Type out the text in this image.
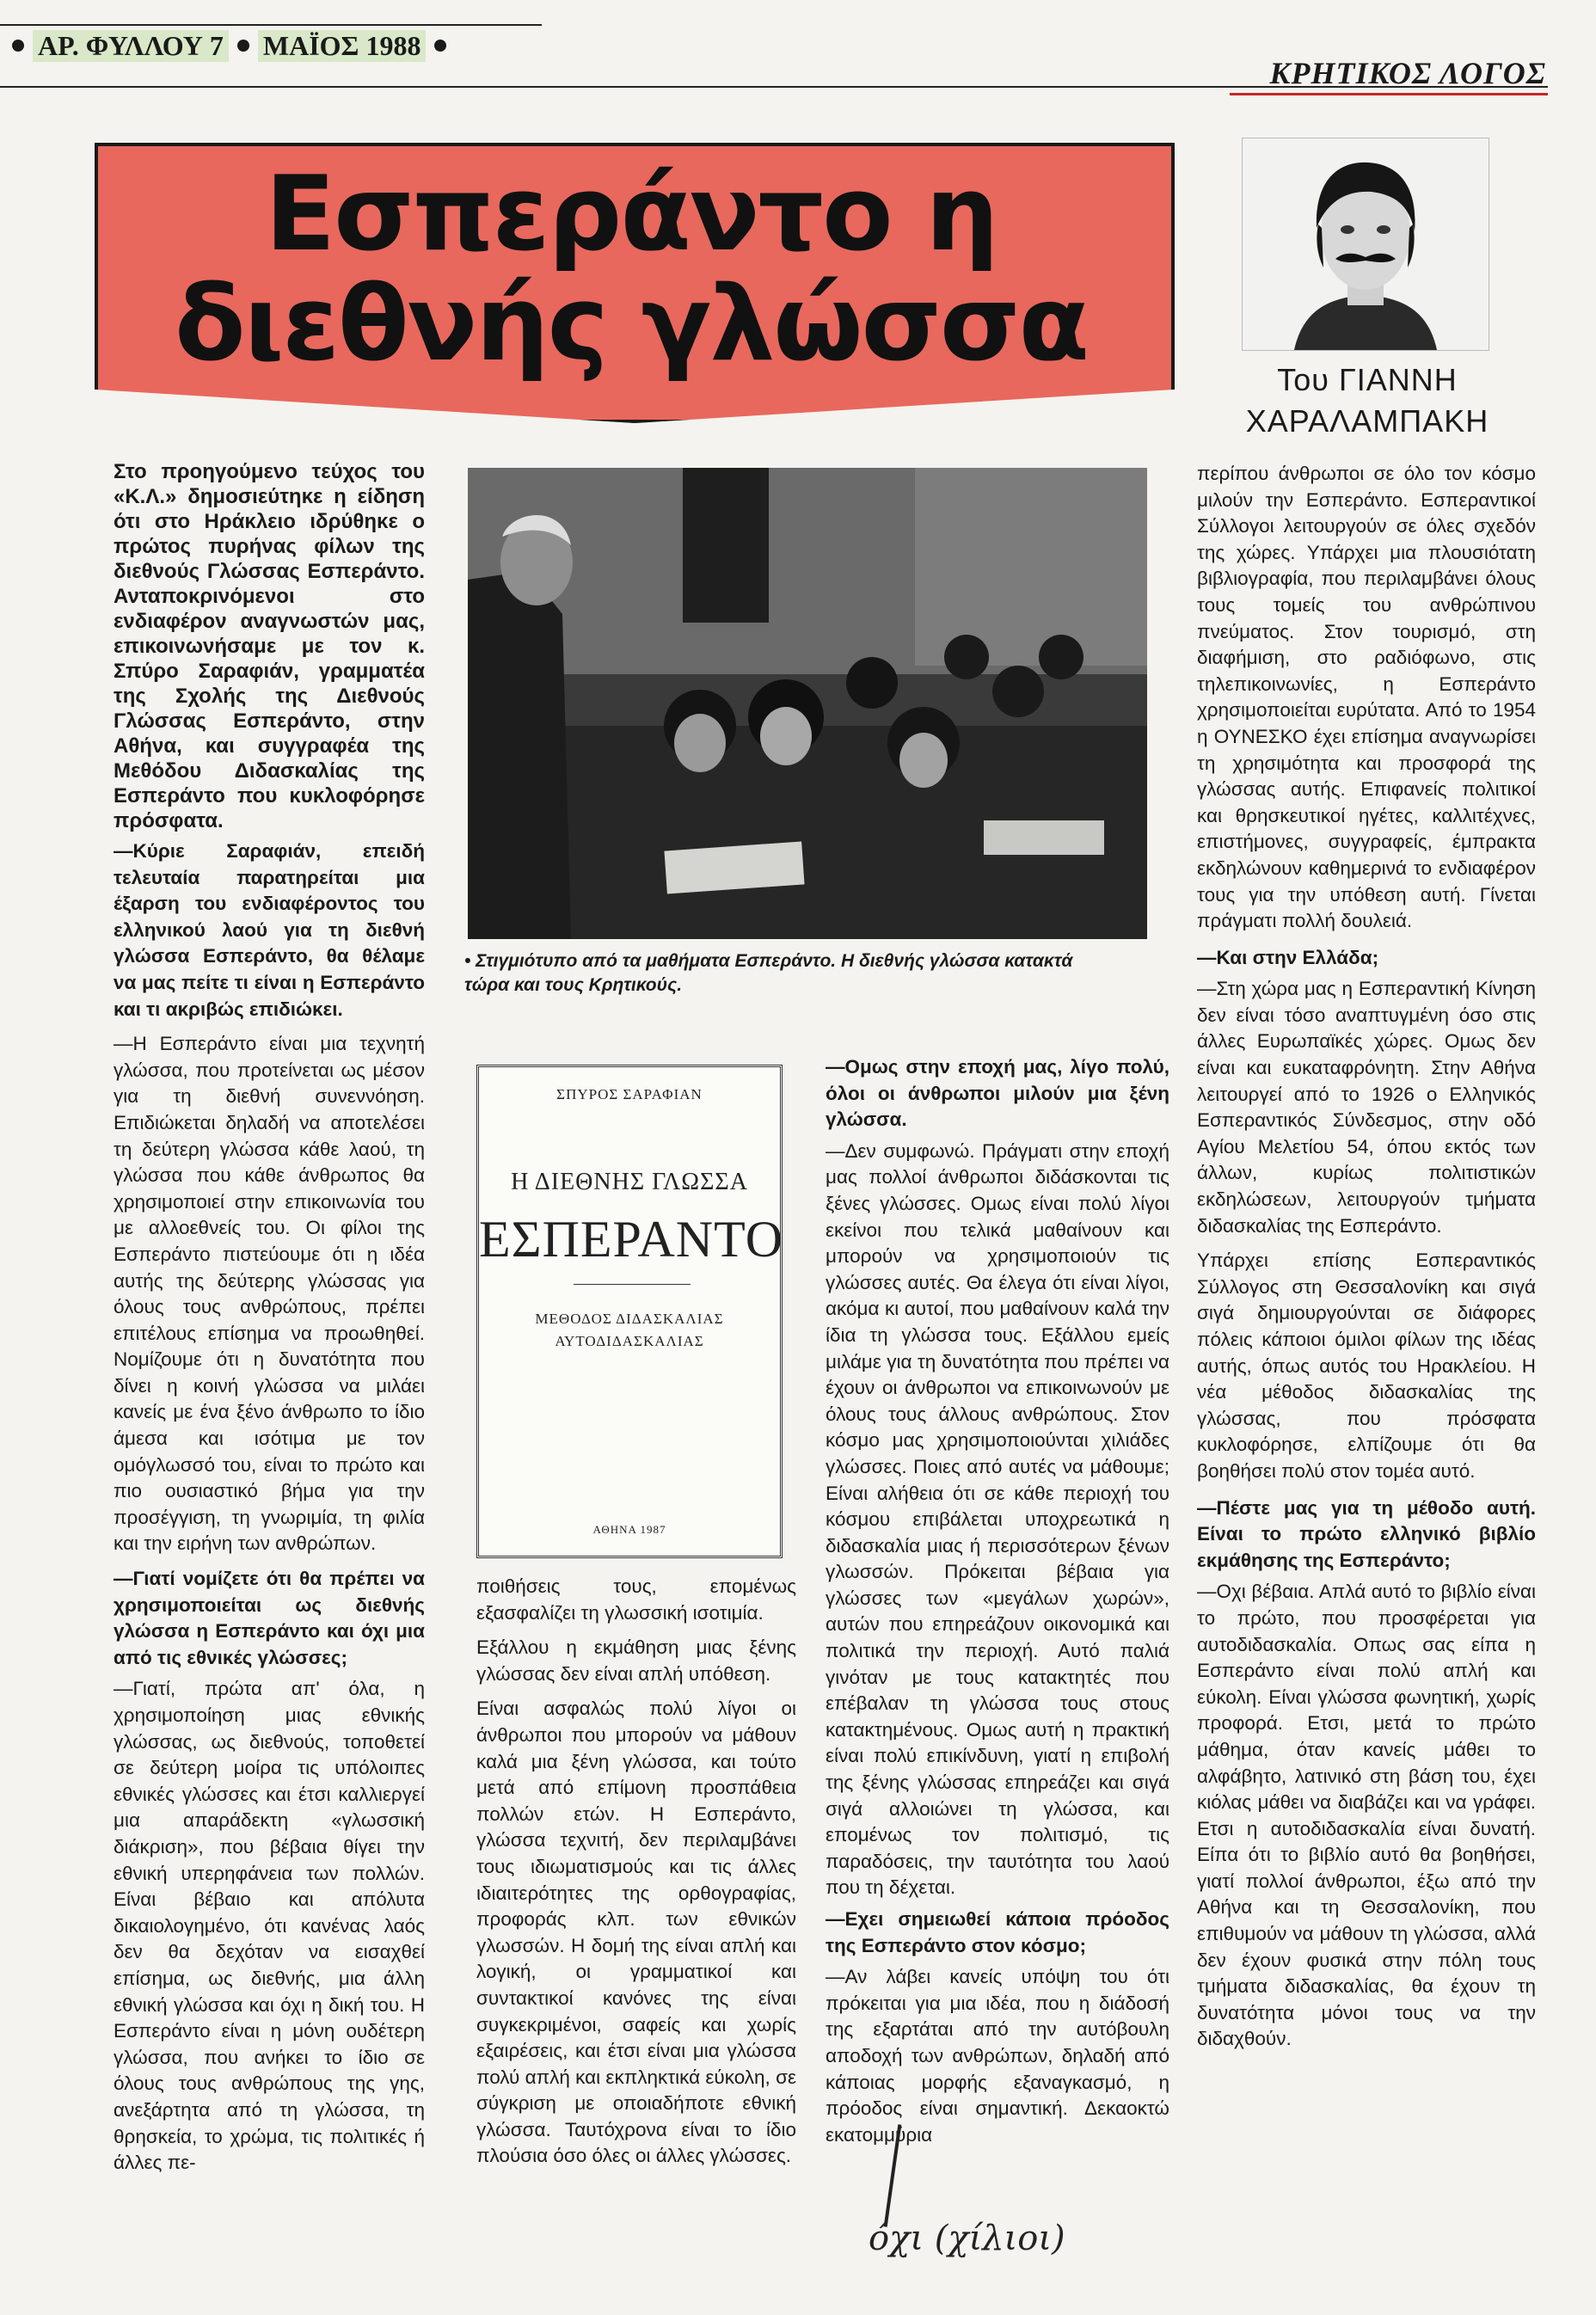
ΑΡ. ΦΥΛΛΟΥ 7 ΜΑΪΟΣ 1988
ΚΡΗΤΙΚΟΣ ΛΟΓΟΣ
Εσπεράντο η
διεθνής γλώσσα	Του ΓΙΑΝΝΗ
ΧΑΡΑΛΑΜΠΑΚΗ

Στο προηγούμενο τεύχος του «Κ.Λ.» δημοσιεύτηκε η είδηση ότι στο Ηράκλειο ιδρύθηκε ο πρώτος πυρήνας φίλων της διεθνούς Γλώσσας Εσπεράντο. Ανταποκρινόμενοι στο ενδιαφέρον αναγνωστών μας, επικοινωνήσαμε με τον κ. Σπύρο Σαραφιάν, γραμματέα της Σχολής της Διεθνούς Γλώσσας Εσπεράντο, στην Αθήνα, και συγγραφέα της Μεθόδου Διδασκαλίας της Εσπεράντο που κυκλοφόρησε πρόσφατα.

—Κύριε Σαραφιάν, επειδή τελευταία παρατηρείται μια έξαρση του ενδιαφέροντος του ελληνικού λαού για τη διεθνή γλώσσα Εσπεράντο, θα θέλαμε να μας πείτε τι είναι η Εσπεράντο και τι ακριβώς επιδιώκει.

—Η Εσπεράντο είναι μια τεχνητή γλώσσα, που προτείνεται ως μέσον για τη διεθνή συνεννόηση. Επιδιώκεται δηλαδή να αποτελέσει τη δεύτερη γλώσσα κάθε λαού, τη γλώσσα που κάθε άνθρωπος θα χρησιμοποιεί στην επικοινωνία του με αλλοεθνείς του. Οι φίλοι της Εσπεράντο πιστεύουμε ότι η ιδέα αυτής της δεύτερης γλώσσας για όλους τους ανθρώπους, πρέπει επιτέλους επίσημα να προωθηθεί. Νομίζουμε ότι η δυνατότητα που δίνει η κοινή γλώσσα να μιλάει κανείς με ένα ξένο άνθρωπο το ίδιο άμεσα και ισότιμα με τον ομόγλωσσό του, είναι το πρώτο και πιο ουσιαστικό βήμα για την προσέγγιση, τη γνωριμία, τη φιλία και την ειρήνη των ανθρώπων.

—Γιατί νομίζετε ότι θα πρέπει να χρησιμοποιείται ως διεθνής γλώσσα η Εσπεράντο και όχι μια από τις εθνικές γλώσσες;

—Γιατί, πρώτα απ' όλα, η χρησιμοποίηση μιας εθνικής γλώσσας, ως διεθνούς, τοποθετεί σε δεύτερη μοίρα τις υπόλοιπες εθνικές γλώσσες και έτσι καλλιεργεί μια απαράδεκτη «γλωσσική διάκριση», που βέβαια θίγει την εθνική υπερηφάνεια των πολλών. Είναι βέβαιο και απόλυτα δικαιολογημένο, ότι κανένας λαός δεν θα δεχόταν να εισαχθεί επίσημα, ως διεθνής, μια άλλη εθνική γλώσσα και όχι η δική του. Η Εσπεράντο είναι η μόνη ουδέτερη γλώσσα, που ανήκει το ίδιο σε όλους τους ανθρώπους της γης, ανεξάρτητα από τη γλώσσα, τη θρησκεία, το χρώμα, τις πολιτικές ή άλλες πε-

• Στιγμιότυπο από τα μαθήματα Εσπεράντο. Η διεθνής γλώσσα κατακτά τώρα και τους Κρητικούς.
ΣΠΥΡΟΣ ΣΑΡΑΦΙΑΝ
Η ΔΙΕΘΝΗΣ ΓΛΩΣΣΑ
ΕΣΠΕΡΑΝΤΟ
ΜΕΘΟΔΟΣ ΔΙΔΑΣΚΑΛΙΑΣ
ΑΥΤΟΔΙΔΑΣΚΑΛΙΑΣ
ΑΘΗΝΑ 1987

ποιθήσεις τους, επομένως εξασφαλίζει τη γλωσσική ισοτιμία.

Εξάλλου η εκμάθηση μιας ξένης γλώσσας δεν είναι απλή υπόθεση.

Είναι ασφαλώς πολύ λίγοι οι άνθρωποι που μπορούν να μάθουν καλά μια ξένη γλώσσα, και τούτο μετά από επίμονη προσπάθεια πολλών ετών. Η Εσπεράντο, γλώσσα τεχνιτή, δεν περιλαμβάνει τους ιδιωματισμούς και τις άλλες ιδιαιτερότητες της ορθογραφίας, προφοράς κλπ. των εθνικών γλωσσών. Η δομή της είναι απλή και λογική, οι γραμματικοί και συντακτικοί κανόνες της είναι συγκεκριμένοι, σαφείς και χωρίς εξαιρέσεις, και έτσι είναι μια γλώσσα πολύ απλή και εκπληκτικά εύκολη, σε σύγκριση με οποιαδήποτε εθνική γλώσσα. Ταυτόχρονα είναι το ίδιο πλούσια όσο όλες οι άλλες γλώσσες.

—Ομως στην εποχή μας, λίγο πολύ, όλοι οι άνθρωποι μιλούν μια ξένη γλώσσα.

—Δεν συμφωνώ. Πράγματι στην εποχή μας πολλοί άνθρωποι διδάσκονται τις ξένες γλώσσες. Ομως είναι πολύ λίγοι εκείνοι που τελικά μαθαίνουν και μπορούν να χρησιμοποιούν τις γλώσσες αυτές. Θα έλεγα ότι είναι λίγοι, ακόμα κι αυτοί, που μαθαίνουν καλά την ίδια τη γλώσσα τους. Εξάλλου εμείς μιλάμε για τη δυνατότητα που πρέπει να έχουν οι άνθρωποι να επικοινωνούν με όλους τους άλλους ανθρώπους. Στον κόσμο μας χρησιμοποιούνται χιλιάδες γλώσσες. Ποιες από αυτές να μάθουμε; Είναι αλήθεια ότι σε κάθε περιοχή του κόσμου επιβάλεται υποχρεωτικά η διδασκαλία μιας ή περισσότερων ξένων γλωσσών. Πρόκειται βέβαια για γλώσσες των «μεγάλων χωρών», αυτών που επηρεάζουν οικονομικά και πολιτικά την περιοχή. Αυτό παλιά γινόταν με τους κατακτητές που επέβαλαν τη γλώσσα τους στους κατακτημένους. Ομως αυτή η πρακτική είναι πολύ επικίνδυνη, γιατί η επιβολή της ξένης γλώσσας επηρεάζει και σιγά σιγά αλλοιώνει τη γλώσσα, και επομένως τον πολιτισμό, τις παραδόσεις, την ταυτότητα του λαού που τη δέχεται.

—Εχει σημειωθεί κάποια πρόοδος της Εσπεράντο στον κόσμο;

—Αν λάβει κανείς υπόψη του ότι πρόκειται για μια ιδέα, που η διάδοσή της εξαρτάται από την αυτόβουλη αποδοχή των ανθρώπων, δηλαδή από κάποιας μορφής εξαναγκασμό, η πρόοδος είναι σημαντική. Δεκαοκτώ εκατομμύρια

περίπου άνθρωποι σε όλο τον κόσμο μιλούν την Εσπεράντο. Εσπεραντικοί Σύλλογοι λειτουργούν σε όλες σχεδόν της χώρες. Υπάρχει μια πλουσιότατη βιβλιογραφία, που περιλαμβάνει όλους τους τομείς του ανθρώπινου πνεύματος. Στον τουρισμό, στη διαφήμιση, στο ραδιόφωνο, στις τηλεπικοινωνίες, η Εσπεράντο χρησιμοποιείται ευρύτατα. Από το 1954 η ΟΥΝΕΣΚΟ έχει επίσημα αναγνωρίσει τη χρησιμότητα και προσφορά της γλώσσας αυτής. Επιφανείς πολιτικοί και θρησκευτικοί ηγέτες, καλλιτέχνες, επιστήμονες, συγγραφείς, έμπρακτα εκδηλώνουν καθημερινά το ενδιαφέρον τους για την υπόθεση αυτή. Γίνεται πράγματι πολλή δουλειά.

—Και στην Ελλάδα;

—Στη χώρα μας η Εσπεραντική Κίνηση δεν είναι τόσο αναπτυγμένη όσο στις άλλες Ευρωπαϊκές χώρες. Ομως δεν είναι και ευκαταφρόνητη. Στην Αθήνα λειτουργεί από το 1926 ο Ελληνικός Εσπεραντικός Σύνδεσμος, στην οδό Αγίου Μελετίου 54, όπου εκτός των άλλων, κυρίως πολιτιστικών εκδηλώσεων, λειτουργούν τμήματα διδασκαλίας της Εσπεράντο.

Υπάρχει επίσης Εσπεραντικός Σύλλογος στη Θεσσαλονίκη και σιγά σιγά δημιουργούνται σε διάφορες πόλεις κάποιοι όμιλοι φίλων της ιδέας αυτής, όπως αυτός του Ηρακλείου. Η νέα μέθοδος διδασκαλίας της γλώσσας, που πρόσφατα κυκλοφόρησε, ελπίζουμε ότι θα βοηθήσει πολύ στον τομέα αυτό.

—Πέστε μας για τη μέθοδο αυτή. Είναι το πρώτο ελληνικό βιβλίο εκμάθησης της Εσπεράντο;

—Οχι βέβαια. Απλά αυτό το βιβλίο είναι το πρώτο, που προσφέρεται για αυτοδιδασκαλία. Οπως σας είπα η Εσπεράντο είναι πολύ απλή και εύκολη. Είναι γλώσσα φωνητική, χωρίς προφορά. Ετσι, μετά το πρώτο μάθημα, όταν κανείς μάθει το αλφάβητο, λατινικό στη βάση του, έχει κιόλας μάθει να διαβάζει και να γράφει. Ετσι η αυτοδιδασκαλία είναι δυνατή. Είπα ότι το βιβλίο αυτό θα βοηθήσει, γιατί πολλοί άνθρωποι, έξω από την Αθήνα και τη Θεσσαλονίκη, που επιθυμούν να μάθουν τη γλώσσα, αλλά δεν έχουν φυσικά στην πόλη τους τμήματα διδασκαλίας, θα έχουν τη δυνατότητα μόνοι τους να την διδαχθούν.

όχι (χίλιοι)
